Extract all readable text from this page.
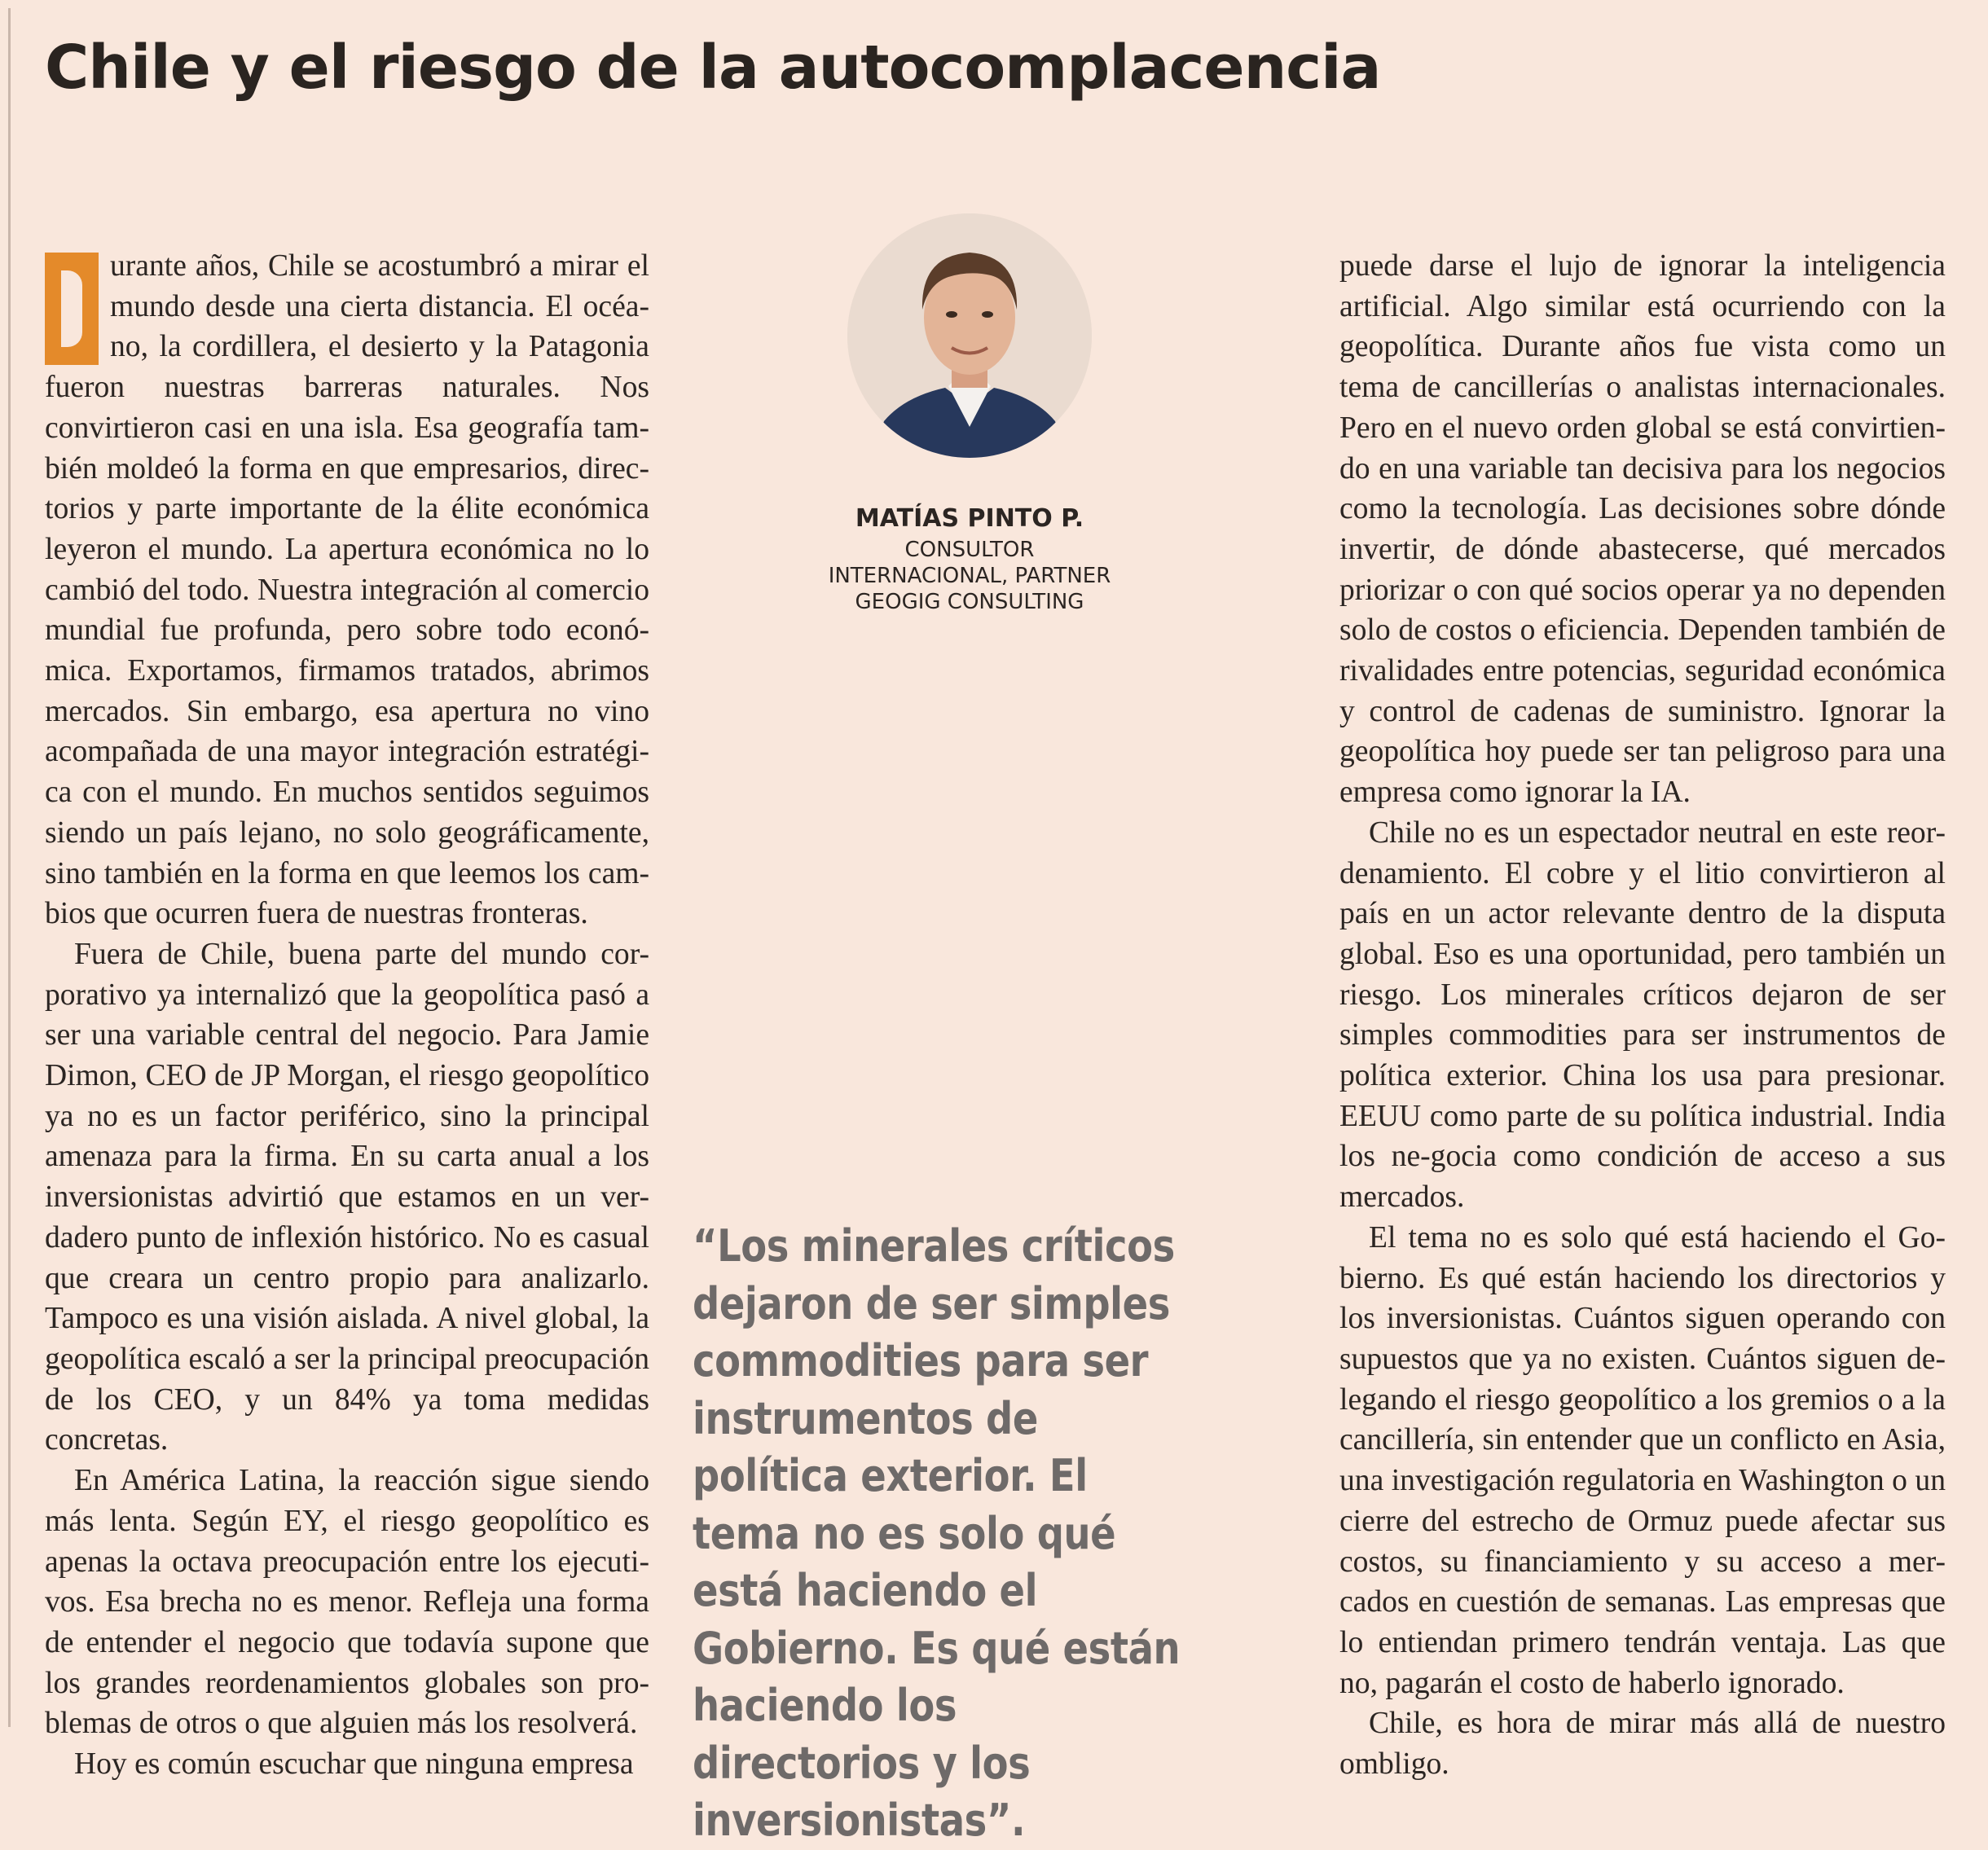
Chile y el riesgo de la autocomplacencia

urante años, Chile se acostumbró a mirar el mundo desde una cierta distancia. El océa-no, la cordillera, el desierto y la Patagonia fueron nuestras barreras naturales. Nos convirtieron casi en una isla. Esa geografía tam-bién moldeó la forma en que empresarios, direc-torios y parte importante de la élite económica leyeron el mundo. La apertura económica no lo cambió del todo. Nuestra integración al comercio mundial fue profunda, pero sobre todo econó-mica. Exportamos, firmamos tratados, abrimos mercados. Sin embargo, esa apertura no vino acompañada de una mayor integración estratégi-ca con el mundo. En muchos sentidos seguimos siendo un país lejano, no solo geográficamente, sino también en la forma en que leemos los cam-bios que ocurren fuera de nuestras fronteras.

Fuera de Chile, buena parte del mundo cor-porativo ya internalizó que la geopolítica pasó a ser una variable central del negocio. Para Jamie Dimon, CEO de JP Morgan, el riesgo geopolítico ya no es un factor periférico, sino la principal amenaza para la firma. En su carta anual a los inversionistas advirtió que estamos en un ver-dadero punto de inflexión histórico. No es casual que creara un centro propio para analizarlo. Tampoco es una visión aislada. A nivel global, la geopolítica escaló a ser la principal preocupación de los CEO, y un 84% ya toma medidas concretas.

En América Latina, la reacción sigue siendo más lenta. Según EY, el riesgo geopolítico es apenas la octava preocupación entre los ejecuti-vos. Esa brecha no es menor. Refleja una forma de entender el negocio que todavía supone que los grandes reordenamientos globales son pro-blemas de otros o que alguien más los resolverá.

Hoy es común escuchar que ninguna empresa

MATÍAS PINTO P.
CONSULTOR
INTERNACIONAL, PARTNER
GEOGIG CONSULTING

“Los minerales críticos dejaron de ser simples commodities para ser instrumentos de política exterior. El tema no es solo qué está haciendo el Gobierno. Es qué están haciendo los directorios y los inversionistas”.

puede darse el lujo de ignorar la inteligencia artificial. Algo similar está ocurriendo con la geopolítica. Durante años fue vista como un tema de cancillerías o analistas internacionales. Pero en el nuevo orden global se está convirtien-do en una variable tan decisiva para los negocios como la tecnología. Las decisiones sobre dónde invertir, de dónde abastecerse, qué mercados priorizar o con qué socios operar ya no dependen solo de costos o eficiencia. Dependen también de rivalidades entre potencias, seguridad económica y control de cadenas de suministro. Ignorar la geopolítica hoy puede ser tan peligroso para una empresa como ignorar la IA.

Chile no es un espectador neutral en este reor-denamiento. El cobre y el litio convirtieron al país en un actor relevante dentro de la disputa global. Eso es una oportunidad, pero también un riesgo. Los minerales críticos dejaron de ser simples commodities para ser instrumentos de política exterior. China los usa para presionar. EEUU como parte de su política industrial. India los ne-gocia como condición de acceso a sus mercados.

El tema no es solo qué está haciendo el Go-bierno. Es qué están haciendo los directorios y los inversionistas. Cuántos siguen operando con supuestos que ya no existen. Cuántos siguen de-legando el riesgo geopolítico a los gremios o a la cancillería, sin entender que un conflicto en Asia, una investigación regulatoria en Washington o un cierre del estrecho de Ormuz puede afectar sus costos, su financiamiento y su acceso a mer-cados en cuestión de semanas. Las empresas que lo entiendan primero tendrán ventaja. Las que no, pagarán el costo de haberlo ignorado.

Chile, es hora de mirar más allá de nuestro ombligo.
